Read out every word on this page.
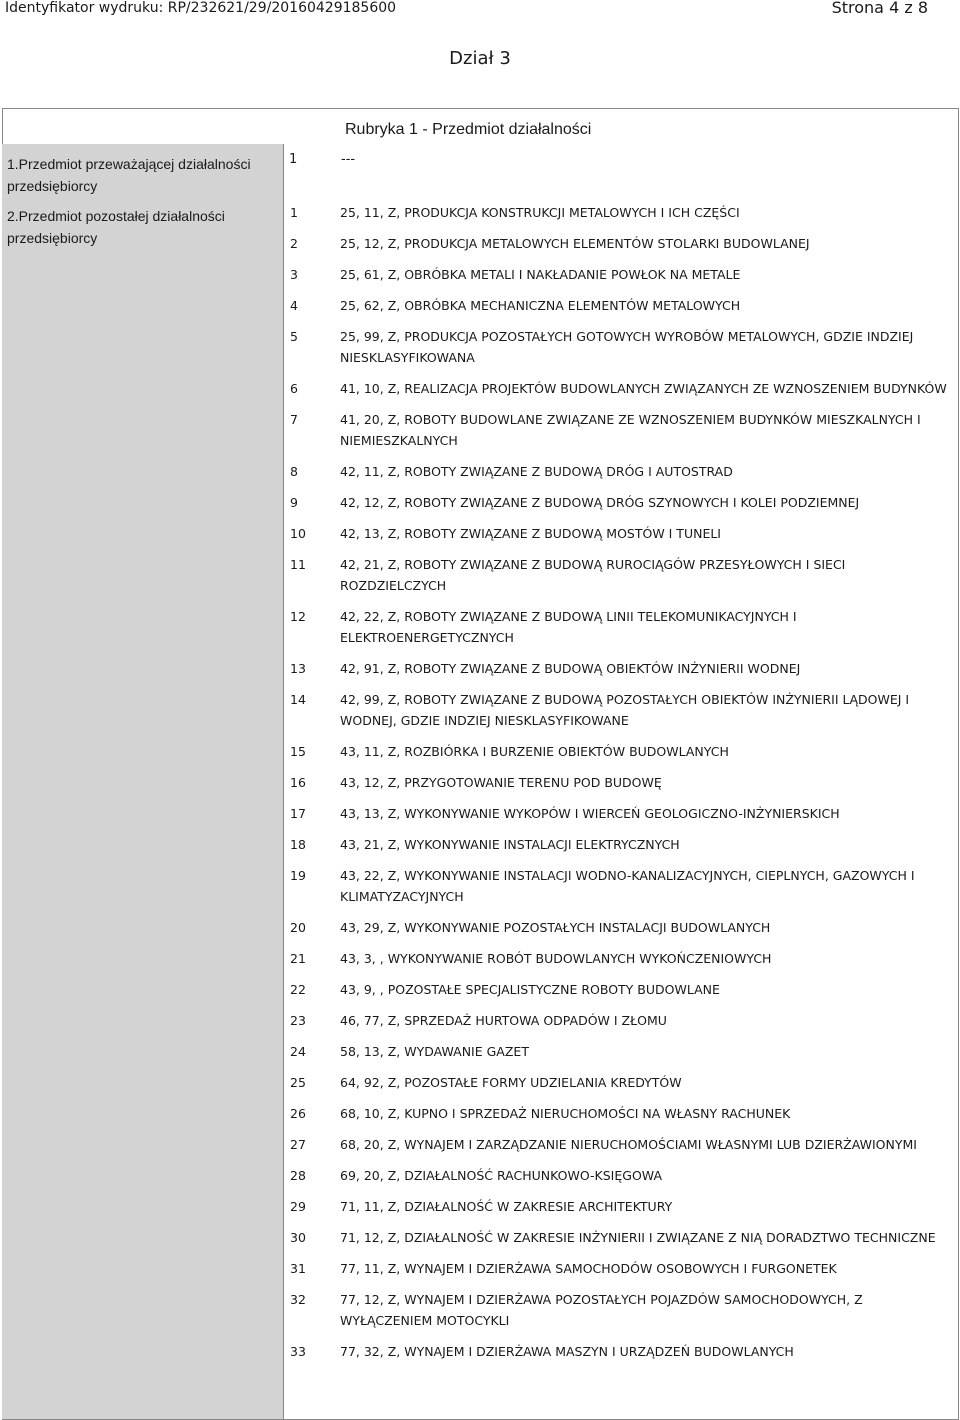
Identyfikator wydruku: RP/232621/29/20160429185600	Strona 4 z 8
Dział 3
1.Przedmiot przeważającej działalności przedsiębiorcy
2.Przedmiot pozostałej działalności przedsiębiorcy
Rubryka 1 - Przedmiot działalności
1	---
1	25, 11, Z, PRODUKCJA KONSTRUKCJI METALOWYCH I ICH CZĘŚCI
2	25, 12, Z, PRODUKCJA METALOWYCH ELEMENTÓW STOLARKI BUDOWLANEJ
3	25, 61, Z, OBRÓBKA METALI I NAKŁADANIE POWŁOK NA METALE
4	25, 62, Z, OBRÓBKA MECHANICZNA ELEMENTÓW METALOWYCH
5	25, 99, Z, PRODUKCJA POZOSTAŁYCH GOTOWYCH WYROBÓW METALOWYCH, GDZIE INDZIEJ NIESKLASYFIKOWANA
6	41, 10, Z, REALIZACJA PROJEKTÓW BUDOWLANYCH ZWIĄZANYCH ZE WZNOSZENIEM BUDYNKÓW
7	41, 20, Z, ROBOTY BUDOWLANE ZWIĄZANE ZE WZNOSZENIEM BUDYNKÓW MIESZKALNYCH I NIEMIESZKALNYCH
8	42, 11, Z, ROBOTY ZWIĄZANE Z BUDOWĄ DRÓG I AUTOSTRAD
9	42, 12, Z, ROBOTY ZWIĄZANE Z BUDOWĄ DRÓG SZYNOWYCH I KOLEI PODZIEMNEJ
10	42, 13, Z, ROBOTY ZWIĄZANE Z BUDOWĄ MOSTÓW I TUNELI
11	42, 21, Z, ROBOTY ZWIĄZANE Z BUDOWĄ RUROCIĄGÓW PRZESYŁOWYCH I SIECI ROZDZIELCZYCH
12	42, 22, Z, ROBOTY ZWIĄZANE Z BUDOWĄ LINII TELEKOMUNIKACYJNYCH I ELEKTROENERGETYCZNYCH
13	42, 91, Z, ROBOTY ZWIĄZANE Z BUDOWĄ OBIEKTÓW INŻYNIERII WODNEJ
14	42, 99, Z, ROBOTY ZWIĄZANE Z BUDOWĄ POZOSTAŁYCH OBIEKTÓW INŻYNIERII LĄDOWEJ I WODNEJ, GDZIE INDZIEJ NIESKLASYFIKOWANE
15	43, 11, Z, ROZBIÓRKA I BURZENIE OBIEKTÓW BUDOWLANYCH
16	43, 12, Z, PRZYGOTOWANIE TERENU POD BUDOWĘ
17	43, 13, Z, WYKONYWANIE WYKOPÓW I WIERCEŃ GEOLOGICZNO-INŻYNIERSKICH
18	43, 21, Z, WYKONYWANIE INSTALACJI ELEKTRYCZNYCH
19	43, 22, Z, WYKONYWANIE INSTALACJI WODNO-KANALIZACYJNYCH, CIEPLNYCH, GAZOWYCH I KLIMATYZACYJNYCH
20	43, 29, Z, WYKONYWANIE POZOSTAŁYCH INSTALACJI BUDOWLANYCH
21	43, 3, , WYKONYWANIE ROBÓT BUDOWLANYCH WYKOŃCZENIOWYCH
22	43, 9, , POZOSTAŁE SPECJALISTYCZNE ROBOTY BUDOWLANE
23	46, 77, Z, SPRZEDAŻ HURTOWA ODPADÓW I ZŁOMU
24	58, 13, Z, WYDAWANIE GAZET
25	64, 92, Z, POZOSTAŁE FORMY UDZIELANIA KREDYTÓW
26	68, 10, Z, KUPNO I SPRZEDAŻ NIERUCHOMOŚCI NA WŁASNY RACHUNEK
27	68, 20, Z, WYNAJEM I ZARZĄDZANIE NIERUCHOMOŚCIAMI WŁASNYMI LUB DZIERŻAWIONYMI
28	69, 20, Z, DZIAŁALNOŚĆ RACHUNKOWO-KSIĘGOWA
29	71, 11, Z, DZIAŁALNOŚĆ W ZAKRESIE ARCHITEKTURY
30	71, 12, Z, DZIAŁALNOŚĆ W ZAKRESIE INŻYNIERII I ZWIĄZANE Z NIĄ DORADZTWO TECHNICZNE
31	77, 11, Z, WYNAJEM I DZIERŻAWA SAMOCHODÓW OSOBOWYCH I FURGONETEK
32	77, 12, Z, WYNAJEM I DZIERŻAWA POZOSTAŁYCH POJAZDÓW SAMOCHODOWYCH, Z WYŁĄCZENIEM MOTOCYKLI
33	77, 32, Z, WYNAJEM I DZIERŻAWA MASZYN I URZĄDZEŃ BUDOWLANYCH
